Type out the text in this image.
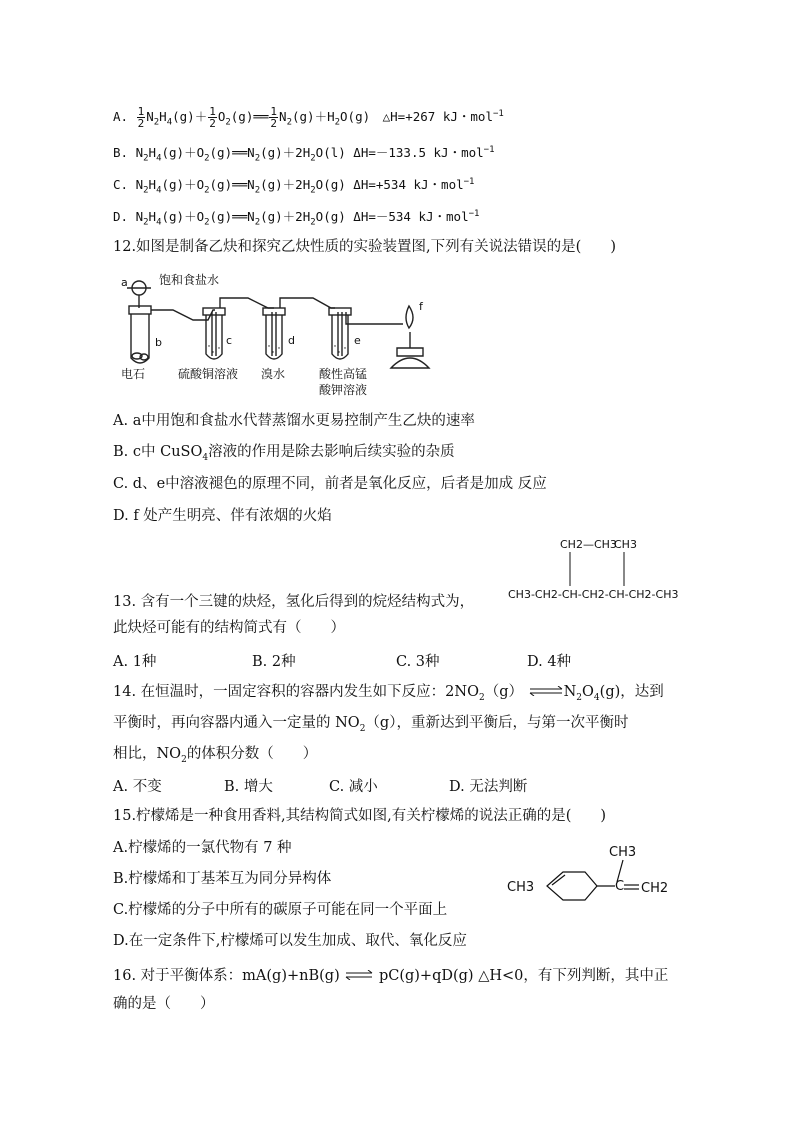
A. $\frac{1}{2} N_2H_4(g)+ \frac{1}{2}$ $O_2(g)══ \frac{1}{2} N_2(g)+H_2O(g)$　△H=+267 kJ・mol$^{-1}$
B. $N_2H_4(g)+O_2(g)══N_2(g)+2H_2O(l)$ ΔH=－133.5 kJ・mol$^{-1}$
C. $N_2H_4(g)+O_2(g)══N_2(g)+2H_2O(g)$ ΔH=+534 kJ・mol$^{-1}$
D. $N_2H_4(g)+O_2(g)══N_2(g)+2H_2O(g)$ ΔH=－534 kJ・mol$^{-1}$
12.如图是制备乙炔和探究乙炔性质的实验装置图,下列有关说法错误的是(　　)
a	饱和食盐水
b	c	d	e
f
电石	硫酸铜溶液 溴水	酸性高锰
酸钾溶液
A. a中用饱和食盐水代替蒸馏水更易控制产生乙炔的速率
B. c中 CuSO$_4$溶液的作用是除去影响后续实验的杂质
C. d、e中溶液褪色的原理不同，前者是氧化反应，后者是加成 反应
D. f 处产生明亮、伴有浓烟的火焰
CH2—CH3
CH3
CH3-CH2-CH-CH2-CH-CH2-CH3
13. 含有一个三键的炔烃，氢化后得到的烷烃结构式为，
此炔烃可能有的结构简式有（　　）
A. 1种	B. 2种	C. 3种	D. 4种
14. 在恒温时，一固定容积的容器内发生如下反应：$2NO_2(g)$ $\rightleftharpoons N_2O_4(g)$，达到
平衡时，再向容器内通入一定量的 $NO_2(g)$，重新达到平衡后，与第一次平衡时
相比，$NO_2$的体积分数（　　）
A. 不变	B. 增大	C. 减小	D. 无法判断
15.柠檬烯是一种食用香料,其结构简式如图,有关柠檬烯的说法正确的是(　　)
A.柠檬烯的一氯代物有 7 种
B.柠檬烯和丁基苯互为同分异构体
C.柠檬烯的分子中所有的碳原子可能在同一个平面上
D.在一定条件下,柠檬烯可以发生加成、取代、氧化反应
CH3
CH3
CH2
C
16. 对于平衡体系：mA(g)+nB(g) ⇌ pC(g)+qD(g) △H<0，有下列判断，其中正
确的是（　　）
